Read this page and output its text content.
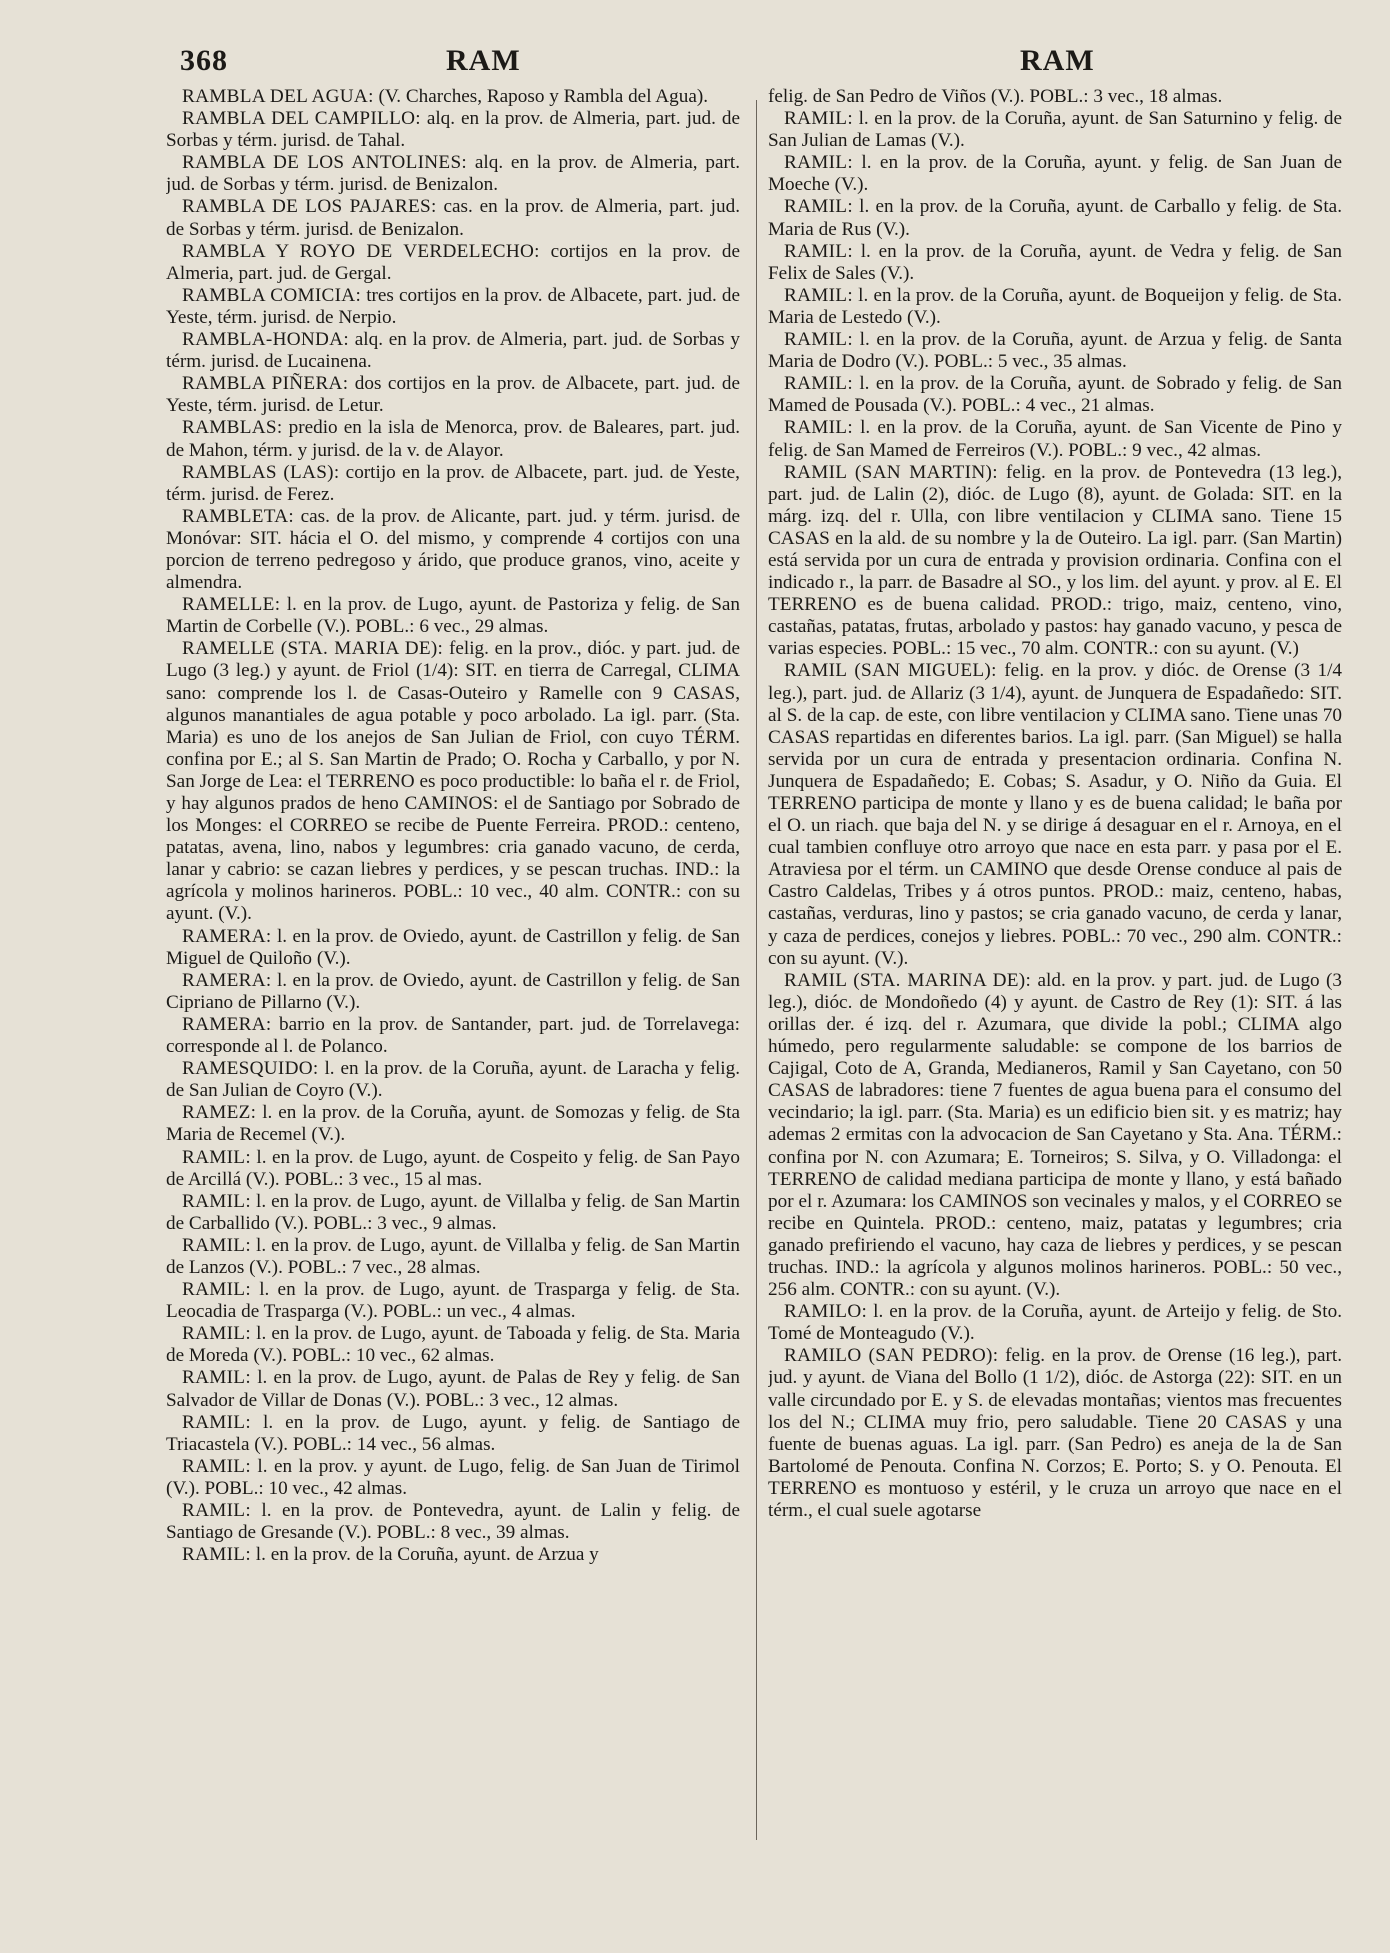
368	RAM	RAM

RAMBLA DEL AGUA: (V. Charches, Raposo y Rambla del Agua).

RAMBLA DEL CAMPILLO: alq. en la prov. de Almeria, part. jud. de Sorbas y térm. jurisd. de Tahal.

RAMBLA DE LOS ANTOLINES: alq. en la prov. de Almeria, part. jud. de Sorbas y térm. jurisd. de Benizalon.

RAMBLA DE LOS PAJARES: cas. en la prov. de Almeria, part. jud. de Sorbas y térm. jurisd. de Benizalon.

RAMBLA Y ROYO DE VERDELECHO: cortijos en la prov. de Almeria, part. jud. de Gergal.

RAMBLA COMICIA: tres cortijos en la prov. de Albacete, part. jud. de Yeste, térm. jurisd. de Nerpio.

RAMBLA-HONDA: alq. en la prov. de Almeria, part. jud. de Sorbas y térm. jurisd. de Lucainena.

RAMBLA PIÑERA: dos cortijos en la prov. de Albacete, part. jud. de Yeste, térm. jurisd. de Letur.

RAMBLAS: predio en la isla de Menorca, prov. de Baleares, part. jud. de Mahon, térm. y jurisd. de la v. de Alayor.

RAMBLAS (LAS): cortijo en la prov. de Albacete, part. jud. de Yeste, térm. jurisd. de Ferez.

RAMBLETA: cas. de la prov. de Alicante, part. jud. y térm. jurisd. de Monóvar: SIT. hácia el O. del mismo, y comprende 4 cortijos con una porcion de terreno pedregoso y árido, que produce granos, vino, aceite y almendra.

RAMELLE: l. en la prov. de Lugo, ayunt. de Pastoriza y felig. de San Martin de Corbelle (V.). POBL.: 6 vec., 29 almas.

RAMELLE (STA. MARIA DE): felig. en la prov., dióc. y part. jud. de Lugo (3 leg.) y ayunt. de Friol (1/4): SIT. en tierra de Carregal, CLIMA sano: comprende los l. de Casas-Outeiro y Ramelle con 9 CASAS, algunos manantiales de agua potable y poco arbolado. La igl. parr. (Sta. Maria) es uno de los anejos de San Julian de Friol, con cuyo TÉRM. confina por E.; al S. San Martin de Prado; O. Rocha y Carballo, y por N. San Jorge de Lea: el TERRENO es poco productible: lo baña el r. de Friol, y hay algunos prados de heno CAMINOS: el de Santiago por Sobrado de los Monges: el CORREO se recibe de Puente Ferreira. PROD.: centeno, patatas, avena, lino, nabos y legumbres: cria ganado vacuno, de cerda, lanar y cabrio: se cazan liebres y perdices, y se pescan truchas. IND.: la agrícola y molinos harineros. POBL.: 10 vec., 40 alm. CONTR.: con su ayunt. (V.).

RAMERA: l. en la prov. de Oviedo, ayunt. de Castrillon y felig. de San Miguel de Quiloño (V.).

RAMERA: l. en la prov. de Oviedo, ayunt. de Castrillon y felig. de San Cipriano de Pillarno (V.).

RAMERA: barrio en la prov. de Santander, part. jud. de Torrelavega: corresponde al l. de Polanco.

RAMESQUIDO: l. en la prov. de la Coruña, ayunt. de Laracha y felig. de San Julian de Coyro (V.).

RAMEZ: l. en la prov. de la Coruña, ayunt. de Somozas y felig. de Sta Maria de Recemel (V.).

RAMIL: l. en la prov. de Lugo, ayunt. de Cospeito y felig. de San Payo de Arcillá (V.). POBL.: 3 vec., 15 al mas.

RAMIL: l. en la prov. de Lugo, ayunt. de Villalba y felig. de San Martin de Carballido (V.). POBL.: 3 vec., 9 almas.

RAMIL: l. en la prov. de Lugo, ayunt. de Villalba y felig. de San Martin de Lanzos (V.). POBL.: 7 vec., 28 almas.

RAMIL: l. en la prov. de Lugo, ayunt. de Trasparga y felig. de Sta. Leocadia de Trasparga (V.). POBL.: un vec., 4 almas.

RAMIL: l. en la prov. de Lugo, ayunt. de Taboada y felig. de Sta. Maria de Moreda (V.). POBL.: 10 vec., 62 almas.

RAMIL: l. en la prov. de Lugo, ayunt. de Palas de Rey y felig. de San Salvador de Villar de Donas (V.). POBL.: 3 vec., 12 almas.

RAMIL: l. en la prov. de Lugo, ayunt. y felig. de Santiago de Triacastela (V.). POBL.: 14 vec., 56 almas.

RAMIL: l. en la prov. y ayunt. de Lugo, felig. de San Juan de Tirimol (V.). POBL.: 10 vec., 42 almas.

RAMIL: l. en la prov. de Pontevedra, ayunt. de Lalin y felig. de Santiago de Gresande (V.). POBL.: 8 vec., 39 almas.

RAMIL: l. en la prov. de la Coruña, ayunt. de Arzua y

felig. de San Pedro de Viños (V.). POBL.: 3 vec., 18 almas.

RAMIL: l. en la prov. de la Coruña, ayunt. de San Saturnino y felig. de San Julian de Lamas (V.).

RAMIL: l. en la prov. de la Coruña, ayunt. y felig. de San Juan de Moeche (V.).

RAMIL: l. en la prov. de la Coruña, ayunt. de Carballo y felig. de Sta. Maria de Rus (V.).

RAMIL: l. en la prov. de la Coruña, ayunt. de Vedra y felig. de San Felix de Sales (V.).

RAMIL: l. en la prov. de la Coruña, ayunt. de Boqueijon y felig. de Sta. Maria de Lestedo (V.).

RAMIL: l. en la prov. de la Coruña, ayunt. de Arzua y felig. de Santa Maria de Dodro (V.). POBL.: 5 vec., 35 almas.

RAMIL: l. en la prov. de la Coruña, ayunt. de Sobrado y felig. de San Mamed de Pousada (V.). POBL.: 4 vec., 21 almas.

RAMIL: l. en la prov. de la Coruña, ayunt. de San Vicente de Pino y felig. de San Mamed de Ferreiros (V.). POBL.: 9 vec., 42 almas.

RAMIL (SAN MARTIN): felig. en la prov. de Pontevedra (13 leg.), part. jud. de Lalin (2), dióc. de Lugo (8), ayunt. de Golada: SIT. en la márg. izq. del r. Ulla, con libre ventilacion y CLIMA sano. Tiene 15 CASAS en la ald. de su nombre y la de Outeiro. La igl. parr. (San Martin) está servida por un cura de entrada y provision ordinaria. Confina con el indicado r., la parr. de Basadre al SO., y los lim. del ayunt. y prov. al E. El TERRENO es de buena calidad. PROD.: trigo, maiz, centeno, vino, castañas, patatas, frutas, arbolado y pastos: hay ganado vacuno, y pesca de varias especies. POBL.: 15 vec., 70 alm. CONTR.: con su ayunt. (V.)

RAMIL (SAN MIGUEL): felig. en la prov. y dióc. de Orense (3 1/4 leg.), part. jud. de Allariz (3 1/4), ayunt. de Junquera de Espadañedo: SIT. al S. de la cap. de este, con libre ventilacion y CLIMA sano. Tiene unas 70 CASAS repartidas en diferentes barios. La igl. parr. (San Miguel) se halla servida por un cura de entrada y presentacion ordinaria. Confina N. Junquera de Espadañedo; E. Cobas; S. Asadur, y O. Niño da Guia. El TERRENO participa de monte y llano y es de buena calidad; le baña por el O. un riach. que baja del N. y se dirige á desaguar en el r. Arnoya, en el cual tambien confluye otro arroyo que nace en esta parr. y pasa por el E. Atraviesa por el térm. un CAMINO que desde Orense conduce al pais de Castro Caldelas, Tribes y á otros puntos. PROD.: maiz, centeno, habas, castañas, verduras, lino y pastos; se cria ganado vacuno, de cerda y lanar, y caza de perdices, conejos y liebres. POBL.: 70 vec., 290 alm. CONTR.: con su ayunt. (V.).

RAMIL (STA. MARINA DE): ald. en la prov. y part. jud. de Lugo (3 leg.), dióc. de Mondoñedo (4) y ayunt. de Castro de Rey (1): SIT. á las orillas der. é izq. del r. Azumara, que divide la pobl.; CLIMA algo húmedo, pero regularmente saludable: se compone de los barrios de Cajigal, Coto de A, Granda, Medianeros, Ramil y San Cayetano, con 50 CASAS de labradores: tiene 7 fuentes de agua buena para el consumo del vecindario; la igl. parr. (Sta. Maria) es un edificio bien sit. y es matriz; hay ademas 2 ermitas con la advocacion de San Cayetano y Sta. Ana. TÉRM.: confina por N. con Azumara; E. Torneiros; S. Silva, y O. Villadonga: el TERRENO de calidad mediana participa de monte y llano, y está bañado por el r. Azumara: los CAMINOS son vecinales y malos, y el CORREO se recibe en Quintela. PROD.: centeno, maiz, patatas y legumbres; cria ganado prefiriendo el vacuno, hay caza de liebres y perdices, y se pescan truchas. IND.: la agrícola y algunos molinos harineros. POBL.: 50 vec., 256 alm. CONTR.: con su ayunt. (V.).

RAMILO: l. en la prov. de la Coruña, ayunt. de Arteijo y felig. de Sto. Tomé de Monteagudo (V.).

RAMILO (SAN PEDRO): felig. en la prov. de Orense (16 leg.), part. jud. y ayunt. de Viana del Bollo (1 1/2), dióc. de Astorga (22): SIT. en un valle circundado por E. y S. de elevadas montañas; vientos mas frecuentes los del N.; CLIMA muy frio, pero saludable. Tiene 20 CASAS y una fuente de buenas aguas. La igl. parr. (San Pedro) es aneja de la de San Bartolomé de Penouta. Confina N. Corzos; E. Porto; S. y O. Penouta. El TERRENO es montuoso y estéril, y le cruza un arroyo que nace en el térm., el cual suele agotarse
